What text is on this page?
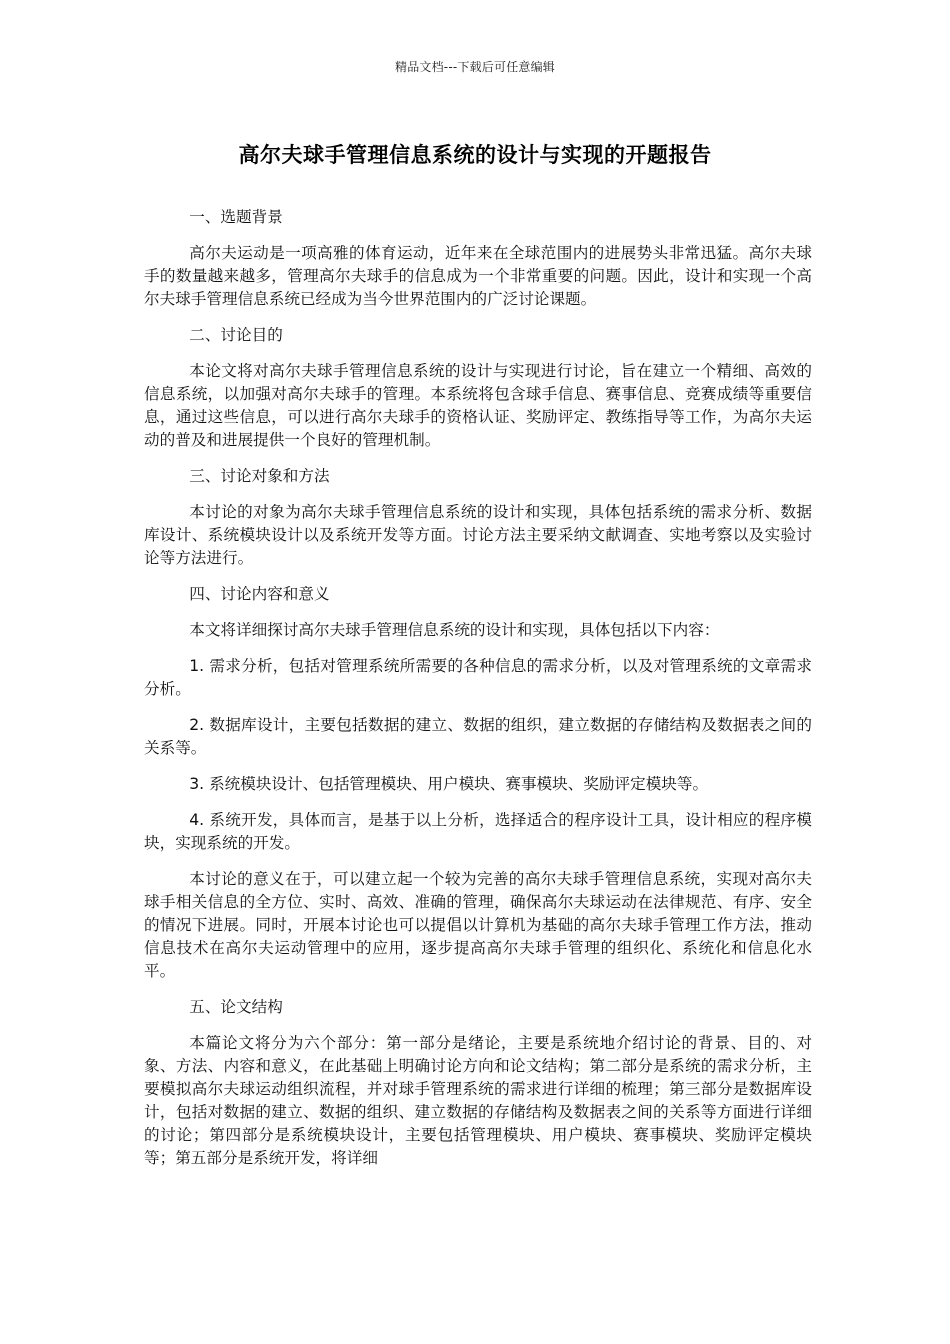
精品文档---下载后可任意编辑
高尔夫球手管理信息系统的设计与实现的开题报告

一、选题背景

高尔夫运动是一项高雅的体育运动，近年来在全球范围内的进展势头非常迅猛。高尔夫球手的数量越来越多，管理高尔夫球手的信息成为一个非常重要的问题。因此，设计和实现一个高尔夫球手管理信息系统已经成为当今世界范围内的广泛讨论课题。

二、讨论目的

本论文将对高尔夫球手管理信息系统的设计与实现进行讨论，旨在建立一个精细、高效的信息系统，以加强对高尔夫球手的管理。本系统将包含球手信息、赛事信息、竞赛成绩等重要信息，通过这些信息，可以进行高尔夫球手的资格认证、奖励评定、教练指导等工作，为高尔夫运动的普及和进展提供一个良好的管理机制。

三、讨论对象和方法

本讨论的对象为高尔夫球手管理信息系统的设计和实现，具体包括系统的需求分析、数据库设计、系统模块设计以及系统开发等方面。讨论方法主要采纳文献调查、实地考察以及实验讨论等方法进行。

四、讨论内容和意义

本文将详细探讨高尔夫球手管理信息系统的设计和实现，具体包括以下内容：

1. 需求分析，包括对管理系统所需要的各种信息的需求分析，以及对管理系统的文章需求分析。

2. 数据库设计，主要包括数据的建立、数据的组织，建立数据的存储结构及数据表之间的关系等。

3. 系统模块设计、包括管理模块、用户模块、赛事模块、奖励评定模块等。

4. 系统开发，具体而言，是基于以上分析，选择适合的程序设计工具，设计相应的程序模块，实现系统的开发。

本讨论的意义在于，可以建立起一个较为完善的高尔夫球手管理信息系统，实现对高尔夫球手相关信息的全方位、实时、高效、准确的管理，确保高尔夫球运动在法律规范、有序、安全的情况下进展。同时，开展本讨论也可以提倡以计算机为基础的高尔夫球手管理工作方法，推动信息技术在高尔夫运动管理中的应用，逐步提高高尔夫球手管理的组织化、系统化和信息化水平。

五、论文结构

本篇论文将分为六个部分：第一部分是绪论，主要是系统地介绍讨论的背景、目的、对象、方法、内容和意义，在此基础上明确讨论方向和论文结构；第二部分是系统的需求分析，主要模拟高尔夫球运动组织流程，并对球手管理系统的需求进行详细的梳理；第三部分是数据库设计，包括对数据的建立、数据的组织、建立数据的存储结构及数据表之间的关系等方面进行详细的讨论；第四部分是系统模块设计，主要包括管理模块、用户模块、赛事模块、奖励评定模块等；第五部分是系统开发，将详细
